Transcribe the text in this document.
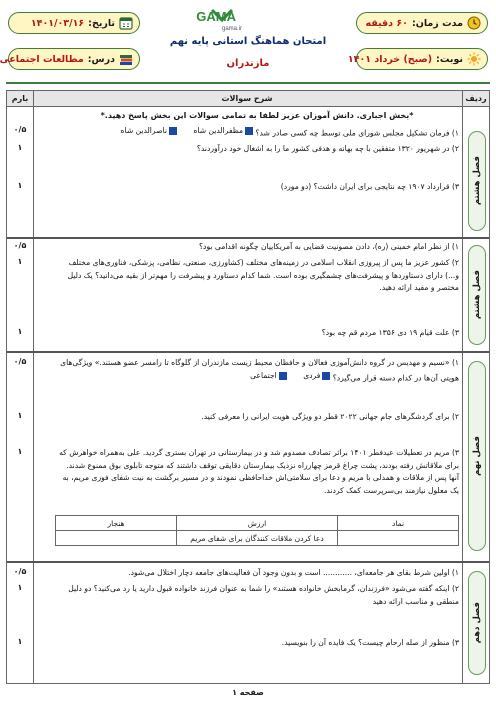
مدت زمان:
۶۰ دقیقه
تاریخ:
۱۴۰۱/۰۳/۱۶	GAMA
gama.ir
امتحان هماهنگ استانی پایه نهم
مازندران	نوبت:
(صبح) خرداد ۱۴۰۱
درس:
مطالعات اجتماعی
ردیف
شرح سوالات
بارم
*بخش اجباری. دانش آموزان عزیز لطفا به تمامی سوالات این بخش پاسخ دهید.*
فصل هشتم
۱) فرمان تشکیل مجلس شورای ملی توسط چه کسی صادر شد؟
مظفرالدین شاه

ناصرالدین شاه
۰/۵
۲) در شهریور ۱۳۲۰ متفقین با چه بهانه و هدفی کشور ما را به اشغال خود درآوردند؟
۱
۳) قرارداد ۱۹۰۷ چه نتایجی برای ایران داشت؟ (دو مورد)
۱
فصل هشتم
۱) از نظر امام خمینی (ره)، دادن مصونیت قضایی به آمریکاییان چگونه اقدامی بود؟
۰/۵
۲) کشور عزیز ما پس از پیروزی انقلاب اسلامی در زمینه‌های مختلف (کشاورزی، صنعتی، نظامی، پزشکی، فناوری‌های مختلف و...) دارای دستاوردها و پیشرفت‌های چشمگیری بوده است. شما کدام دستاورد و پیشرفت را مهم‌تر از بقیه می‌دانید؟ یک دلیل مختصر و مفید ارائه دهید.
۱
۳) علت قیام ۱۹ دی ۱۳۵۶ مردم قم چه بود؟
۱
فصل نهم
۱) «نسیم و مهدیس در گروه دانش‌آموزی فعالان و حافظان محیط زیست مازندران از گلوگاه تا رامسر عضو هستند.» ویژگی‌های هویتی آن‌ها در کدام دسته قرار می‌گیرد؟
فردی

اجتماعی
۰/۵
۲) برای گردشگرهای جام جهانی ۲۰۲۲ قطر دو ویژگی هویت ایرانی را معرفی کنید.
۱
۳) مریم در تعطیلات عیدفطر ۱۴۰۱ براثر تصادف مصدوم شد و در بیمارستانی در تهران بستری گردید. علی به‌همراه خواهرش که برای ملاقاتش رفته بودند، پشت چراغ قرمز چهارراه نزدیک بیمارستان دقایقی توقف داشتند که متوجه تابلوی بوق ممنوع شدند. آنها پس از ملاقات و همدلی با مریم و دعا برای سلامتی‌اش خداحافظی نمودند و در مسیر برگشت به نیت شفای فوری مریم، به یک معلول نیازمند بی‌سرپرست کمک کردند.
۱
نماد	ارزش	هنجار
	دعا کردن ملاقات کنندگان برای شفای مریم	
فصل دهم
۱) اولین شرط بقای هر جامعه‌ای، ............ است و بدون وجود آن فعالیت‌های جامعه دچار اختلال می‌شود.
۰/۵
۲) اینکه گفته می‌شود «فرزندان، گرمابخش خانواده هستند» را شما به عنوان فرزند خانواده قبول دارید یا رد می‌کنید؟ دو دلیل منطقی و مناسب ارائه دهید
۱
۳) منظور از صله ارحام چیست؟ یک فایده آن را بنویسید.
۱
صفحه ۱
